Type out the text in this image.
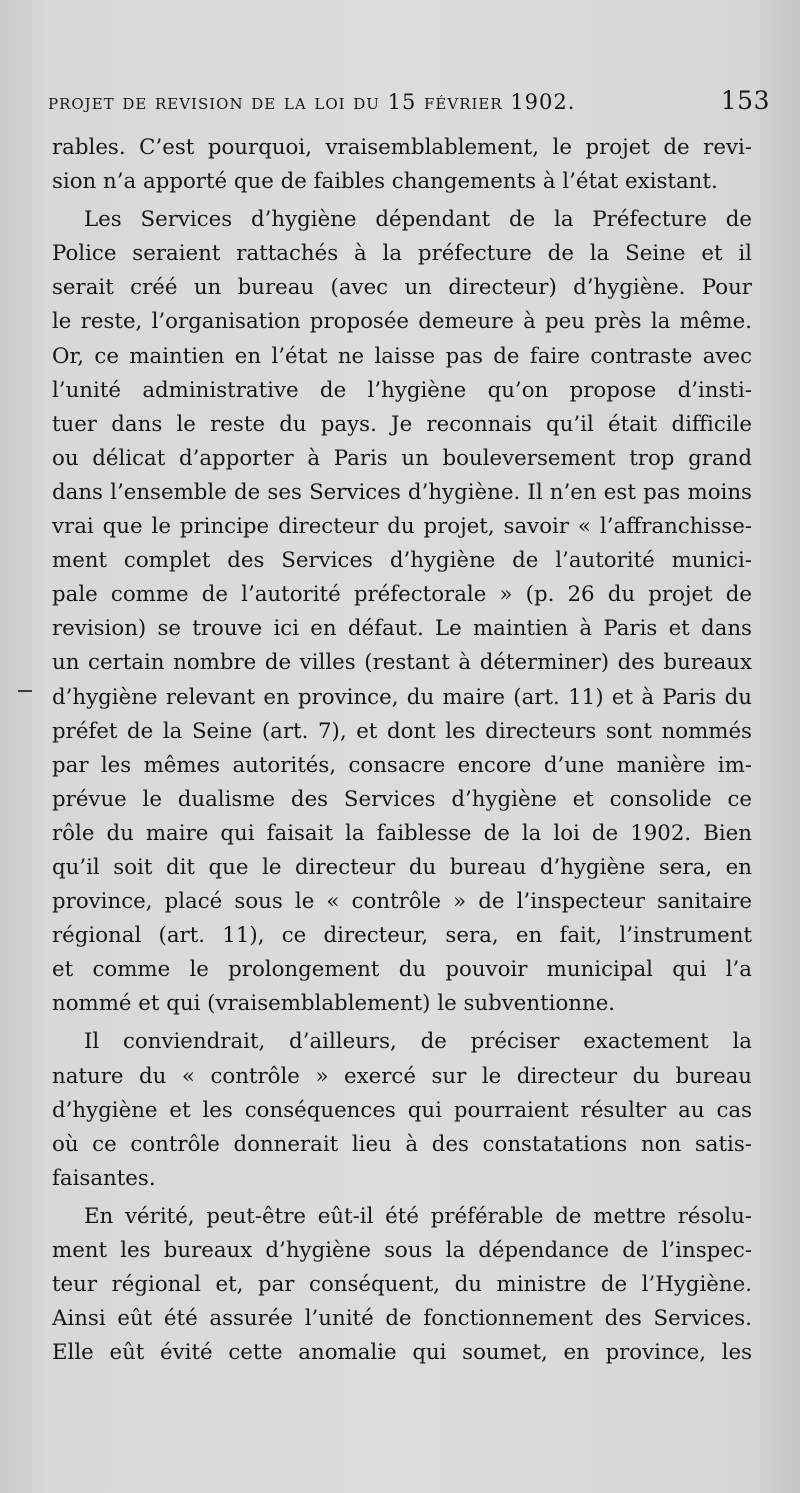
projet de revision de la loi du 15 février 1902.	153
rables. C’est pourquoi, vraisemblablement, le projet de revi-
sion n’a apporté que de faibles changements à l’état existant.
Les Services d’hygiène dépendant de la Préfecture de
Police seraient rattachés à la préfecture de la Seine et il
serait créé un bureau (avec un directeur) d’hygiène. Pour
le reste, l’organisation proposée demeure à peu près la même.
Or, ce maintien en l’état ne laisse pas de faire contraste avec
l’unité administrative de l’hygiène qu’on propose d’insti-
tuer dans le reste du pays. Je reconnais qu’il était difficile
ou délicat d’apporter à Paris un bouleversement trop grand
dans l’ensemble de ses Services d’hygiène. Il n’en est pas moins
vrai que le principe directeur du projet, savoir « l’affranchisse-
ment complet des Services d’hygiène de l’autorité munici-
pale comme de l’autorité préfectorale » (p. 26 du projet de
revision) se trouve ici en défaut. Le maintien à Paris et dans
un certain nombre de villes (restant à déterminer) des bureaux
d’hygiène relevant en province, du maire (art. 11) et à Paris du
préfet de la Seine (art. 7), et dont les directeurs sont nommés
par les mêmes autorités, consacre encore d’une manière im-
prévue le dualisme des Services d’hygiène et consolide ce
rôle du maire qui faisait la faiblesse de la loi de 1902. Bien
qu’il soit dit que le directeur du bureau d’hygiène sera, en
province, placé sous le « contrôle » de l’inspecteur sanitaire
régional (art. 11), ce directeur, sera, en fait, l’instrument
et comme le prolongement du pouvoir municipal qui l’a
nommé et qui (vraisemblablement) le subventionne.
Il conviendrait, d’ailleurs, de préciser exactement la
nature du « contrôle » exercé sur le directeur du bureau
d’hygiène et les conséquences qui pourraient résulter au cas
où ce contrôle donnerait lieu à des constatations non satis-
faisantes.
En vérité, peut-être eût-il été préférable de mettre résolu-
ment les bureaux d’hygiène sous la dépendance de l’inspec-
teur régional et, par conséquent, du ministre de l’Hygiène.
Ainsi eût été assurée l’unité de fonctionnement des Services.
Elle eût évité cette anomalie qui soumet, en province, les
